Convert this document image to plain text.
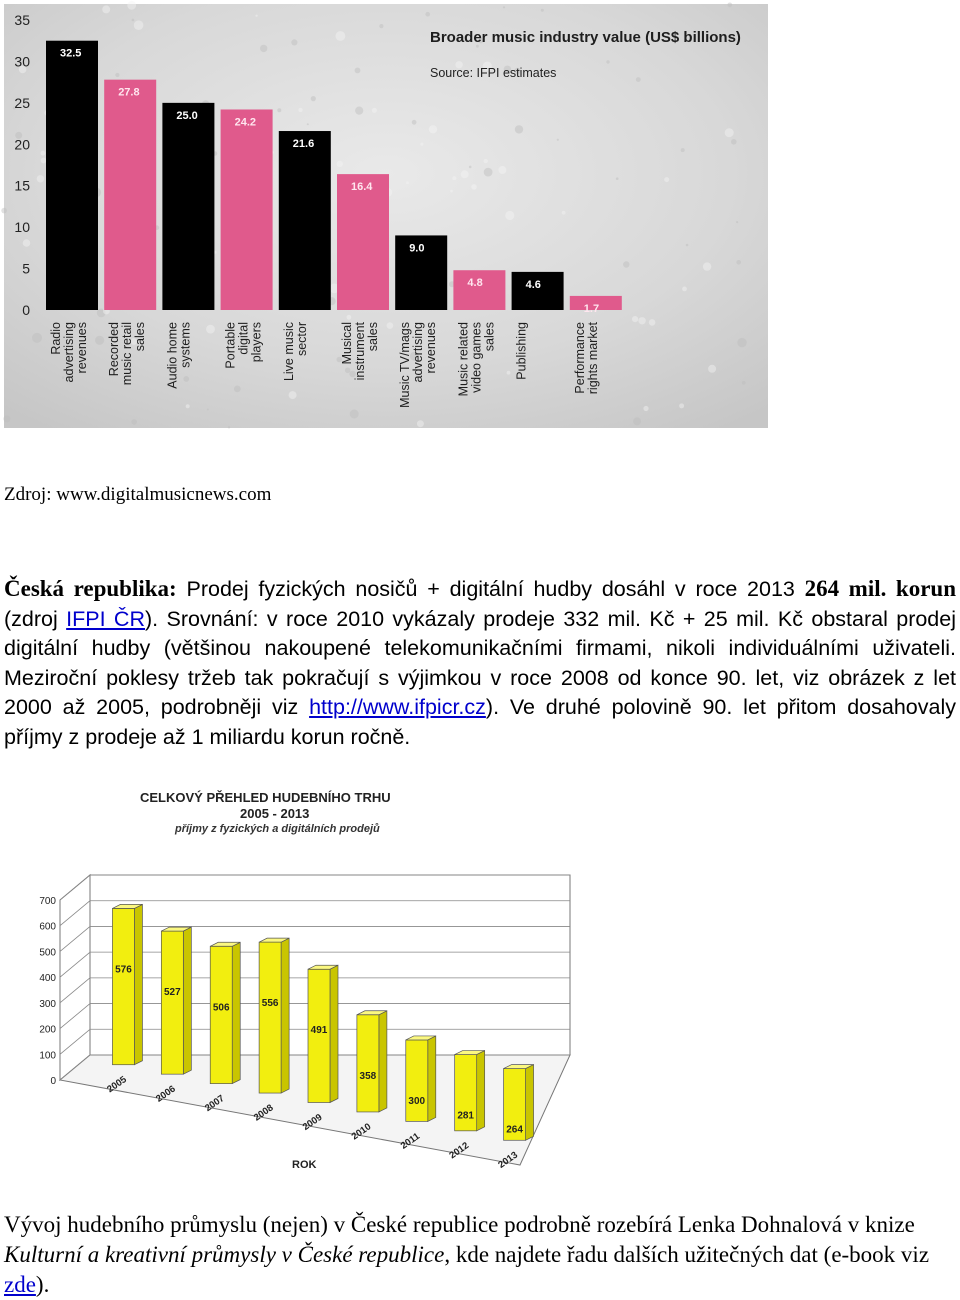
Broader music industry value (US$ billions)
Source: IFPI estimates
0
5
10
15
20
25
30
35
32.5
27.8
25.0
24.2
21.6
16.4
9.0
4.8	4.6
1.7
Radio advertising revenues Recorded music retail sales Audio home systems Portable digital players Live music sector Musical instrument sales Music TV/mags advertising revenues Music related video games sales Publishing	Performance rights market
Zdroj: www.digitalmusicnews.com
Česká republika: Prodej fyzických nosičů + digitální hudby dosáhl v roce 2013 264 mil. korun (zdroj IFPI ČR). Srovnání: v roce 2010 vykázaly prodeje 332 mil. Kč + 25 mil. Kč obstaral prodej digitální hudby (většinou nakoupené telekomunikačními firmami, nikoli individuálními uživateli. Meziroční poklesy tržeb tak pokračují s výjimkou v roce 2008 od konce 90. let, viz obrázek z let 2000 až 2005, podrobněji viz http://www.ifpicr.cz). Ve druhé polovině 90. let přitom dosahovaly příjmy z prodeje až 1 miliardu korun ročně.
CELKOVÝ PŘEHLED HUDEBNÍHO TRHU
2005 - 2013
příjmy z fyzických a digitálních prodejů
0
100
200
300
400
500
600
700
576
527
506	556
491
358
300
281
264
2005	2006	2007	2008	2009	2010	2011	2012	2013
ROK
Vývoj hudebního průmyslu (nejen) v České republice podrobně rozebírá Lenka Dohnalová v knize Kulturní a kreativní průmysly v České republice, kde najdete řadu dalších užitečných dat (e-book viz zde).
